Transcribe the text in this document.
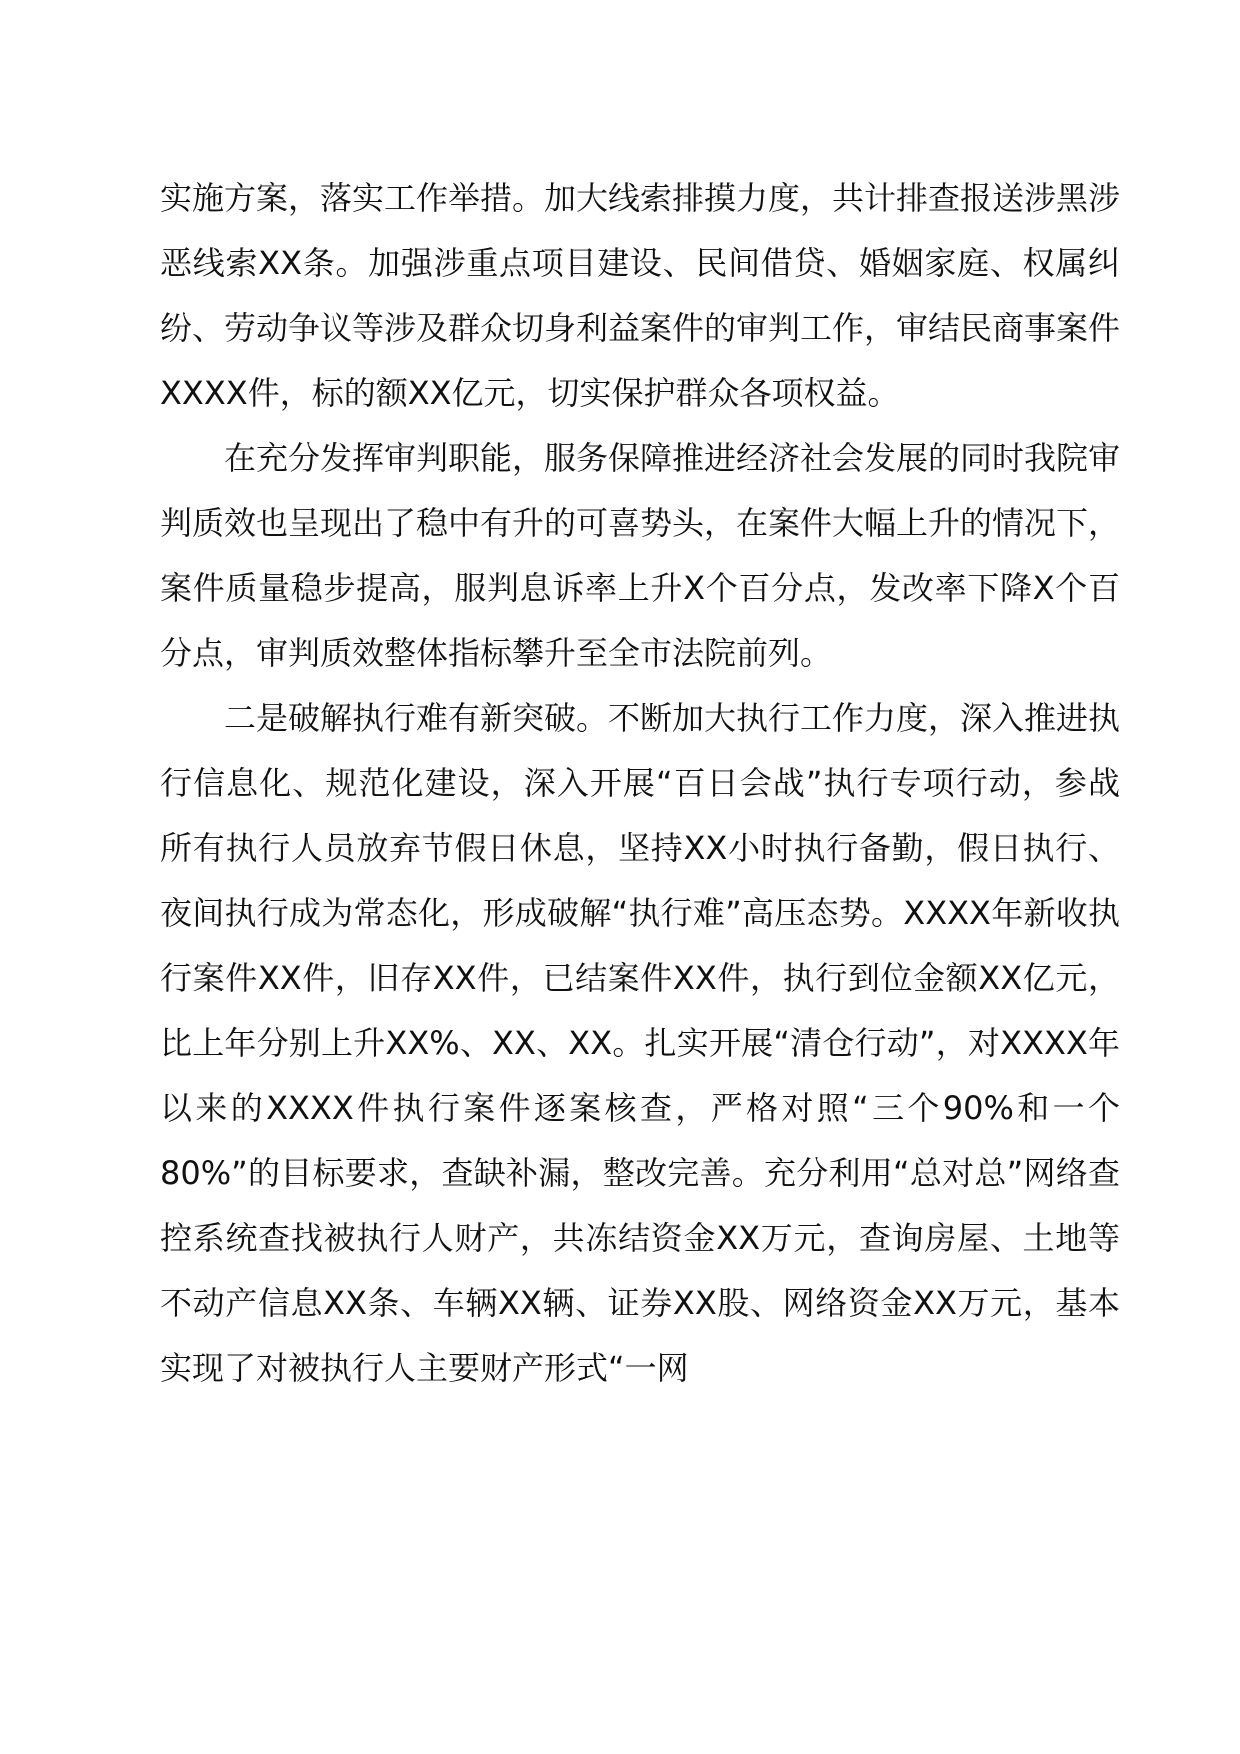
实施方案，落实工作举措。加大线索排摸力度，共计排查报送涉黑涉恶线索XX条。加强涉重点项目建设、民间借贷、婚姻家庭、权属纠纷、劳动争议等涉及群众切身利益案件的审判工作，审结民商事案件XXXX件，标的额XX亿元，切实保护群众各项权益。

在充分发挥审判职能，服务保障推进经济社会发展的同时我院审判质效也呈现出了稳中有升的可喜势头，在案件大幅上升的情况下，案件质量稳步提高，服判息诉率上升X个百分点，发改率下降X个百分点，审判质效整体指标攀升至全市法院前列。

二是破解执行难有新突破。不断加大执行工作力度，深入推进执行信息化、规范化建设，深入开展“百日会战”执行专项行动，参战所有执行人员放弃节假日休息，坚持XX小时执行备勤，假日执行、夜间执行成为常态化，形成破解“执行难”高压态势。XXXX年新收执行案件XX件，旧存XX件，已结案件XX件，执行到位金额XX亿元，比上年分别上升XX%、XX、XX。扎实开展“清仓行动”，对XXXX年以来的XXXX件执行案件逐案核查，严格对照“三个90%和一个80%”的目标要求，查缺补漏，整改完善。充分利用“总对总”网络查控系统查找被执行人财产，共冻结资金XX万元，查询房屋、土地等不动产信息XX条、车辆XX辆、证券XX股、网络资金XX万元，基本实现了对被执行人主要财产形式“一网
